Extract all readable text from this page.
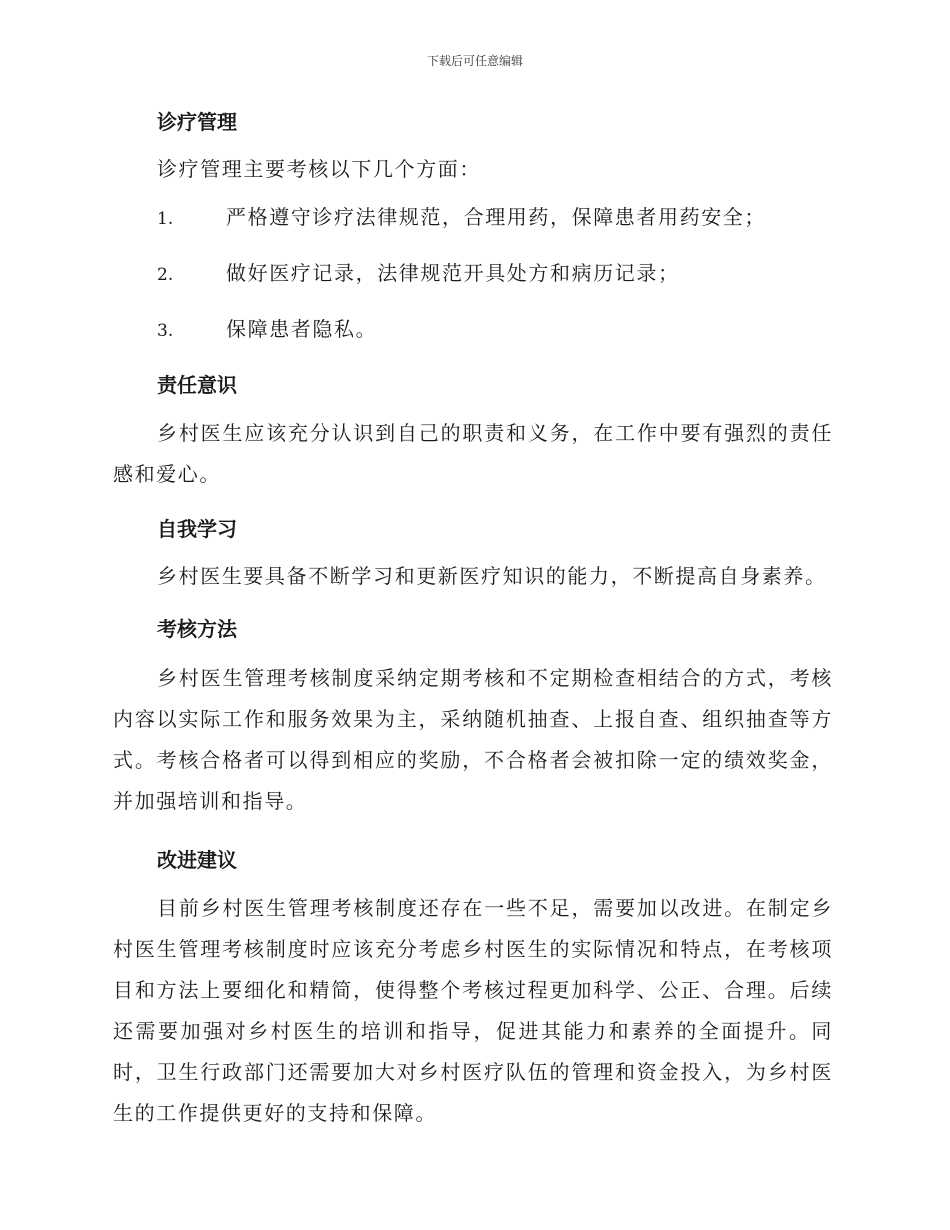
下载后可任意编辑
诊疗管理

诊疗管理主要考核以下几个方面：

1.	严格遵守诊疗法律规范，合理用药，保障患者用药安全；
2.	做好医疗记录，法律规范开具处方和病历记录；
3.	保障患者隐私。
责任意识

乡村医生应该充分认识到自己的职责和义务，在工作中要有强烈的责任感和爱心。

自我学习

乡村医生要具备不断学习和更新医疗知识的能力，不断提高自身素养。

考核方法

乡村医生管理考核制度采纳定期考核和不定期检查相结合的方式，考核内容以实际工作和服务效果为主，采纳随机抽查、上报自查、组织抽查等方式。考核合格者可以得到相应的奖励，不合格者会被扣除一定的绩效奖金，并加强培训和指导。

改进建议

目前乡村医生管理考核制度还存在一些不足，需要加以改进。在制定乡村医生管理考核制度时应该充分考虑乡村医生的实际情况和特点，在考核项目和方法上要细化和精简，使得整个考核过程更加科学、公正、合理。后续还需要加强对乡村医生的培训和指导，促进其能力和素养的全面提升。同时，卫生行政部门还需要加大对乡村医疗队伍的管理和资金投入，为乡村医生的工作提供更好的支持和保障。
